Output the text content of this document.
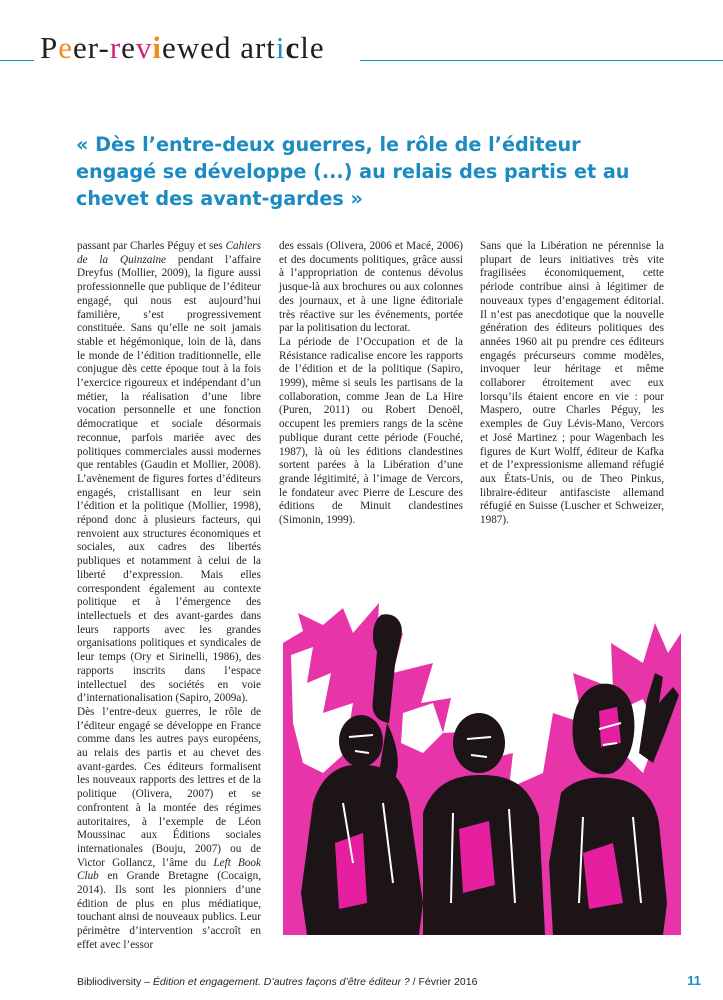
Peer-reviewed article
« Dès l’entre-deux guerres, le rôle de l’éditeur engagé se développe (...) au relais des partis et au chevet des avant-gardes »

passant par Charles Péguy et ses Cahiers de la Quinzaine pendant l’affaire Dreyfus (Mollier, 2009), la figure aussi professionnelle que publique de l’éditeur engagé, qui nous est aujourd’hui familière, s’est progressivement constituée. Sans qu’elle ne soit jamais stable et hégémonique, loin de là, dans le monde de l’édition traditionnelle, elle conjugue dès cette époque tout à la fois l’exercice rigoureux et indépendant d’un métier, la réalisation d’une libre vocation personnelle et une fonction démocratique et sociale désormais reconnue, parfois mariée avec des politiques commerciales aussi modernes que rentables (Gaudin et Mollier, 2008). L’avènement de figures fortes d’éditeurs engagés, cristallisant en leur sein l’édition et la politique (Mollier, 1998), répond donc à plusieurs facteurs, qui renvoient aux structures économiques et sociales, aux cadres des libertés publiques et notamment à celui de la liberté d’expression. Mais elles correspondent également au contexte politique et à l’émergence des intellectuels et des avant-gardes dans leurs rapports avec les grandes organisations politiques et syndicales de leur temps (Ory et Sirinelli, 1986), des rapports inscrits dans l’espace intellectuel des sociétés en voie d’internationalisation (Sapiro, 2009a).

Dès l’entre-deux guerres, le rôle de l’éditeur engagé se développe en France comme dans les autres pays européens, au relais des partis et au chevet des avant-gardes. Ces éditeurs formalisent les nouveaux rapports des lettres et de la politique (Olivera, 2007) et se confrontent à la montée des régimes autoritaires, à l’exemple de Léon Moussinac aux Éditions sociales internationales (Bouju, 2007) ou de Victor Gollancz, l’âme du Left Book Club en Grande Bretagne (Cocaign, 2014). Ils sont les pionniers d’une édition de plus en plus médiatique, touchant ainsi de nouveaux publics. Leur périmètre d’intervention s’accroît en effet avec l’essor

des essais (Olivera, 2006 et Macé, 2006) et des documents politiques, grâce aussi à l’appropriation de contenus dévolus jusque-là aux brochures ou aux colonnes des journaux, et à une ligne éditoriale très réactive sur les événements, portée par la politisation du lectorat.

La période de l’Occupation et de la Résistance radicalise encore les rapports de l’édition et de la politique (Sapiro, 1999), même si seuls les partisans de la collaboration, comme Jean de La Hire (Puren, 2011) ou Robert Denoël, occupent les premiers rangs de la scène publique durant cette période (Fouché, 1987), là où les éditions clandestines sortent parées à la Libération d’une grande légitimité, à l’image de Vercors, le fondateur avec Pierre de Lescure des éditions de Minuit clandestines (Simonin, 1999).

Sans que la Libération ne pérennise la plupart de leurs initiatives très vite fragilisées économiquement, cette période contribue ainsi à légitimer de nouveaux types d’engagement éditorial. Il n’est pas anecdotique que la nouvelle génération des éditeurs politiques des années 1960 ait pu prendre ces éditeurs engagés précurseurs comme modèles, invoquer leur héritage et même collaborer étroitement avec eux lorsqu’ils étaient encore en vie : pour Maspero, outre Charles Péguy, les exemples de Guy Lévis-Mano, Vercors et José Martinez ; pour Wagenbach les figures de Kurt Wolff, éditeur de Kafka et de l’expressionisme allemand réfugié aux États-Unis, ou de Theo Pinkus, libraire-éditeur antifasciste allemand réfugié en Suisse (Luscher et Schweizer, 1987).

Bibliodiversity – Édition et engagement. D’autres façons d’être éditeur ? / Février 2016	11
